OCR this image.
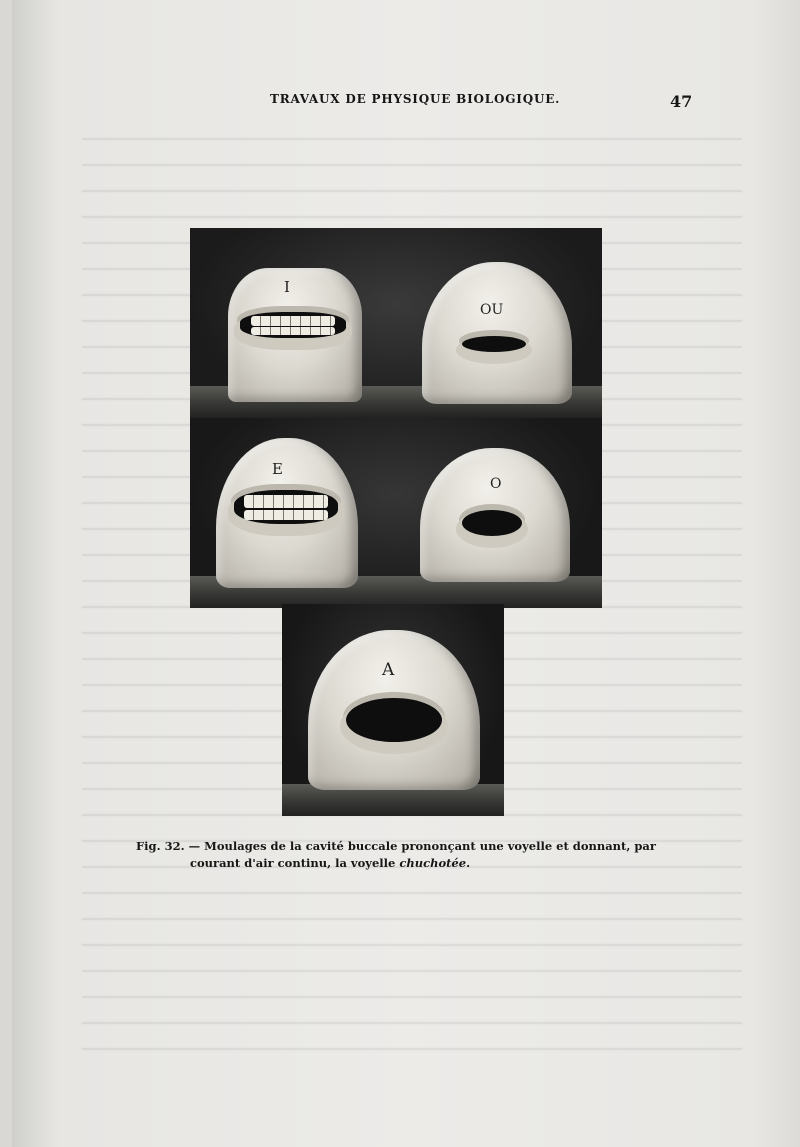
TRAVAUX DE PHYSIQUE BIOLOGIQUE.	47
I
OU
E
O
A
Fig. 32. — Moulages de la cavité buccale prononçant une voyelle et donnant, par
courant d'air continu, la voyelle chuchotée.
